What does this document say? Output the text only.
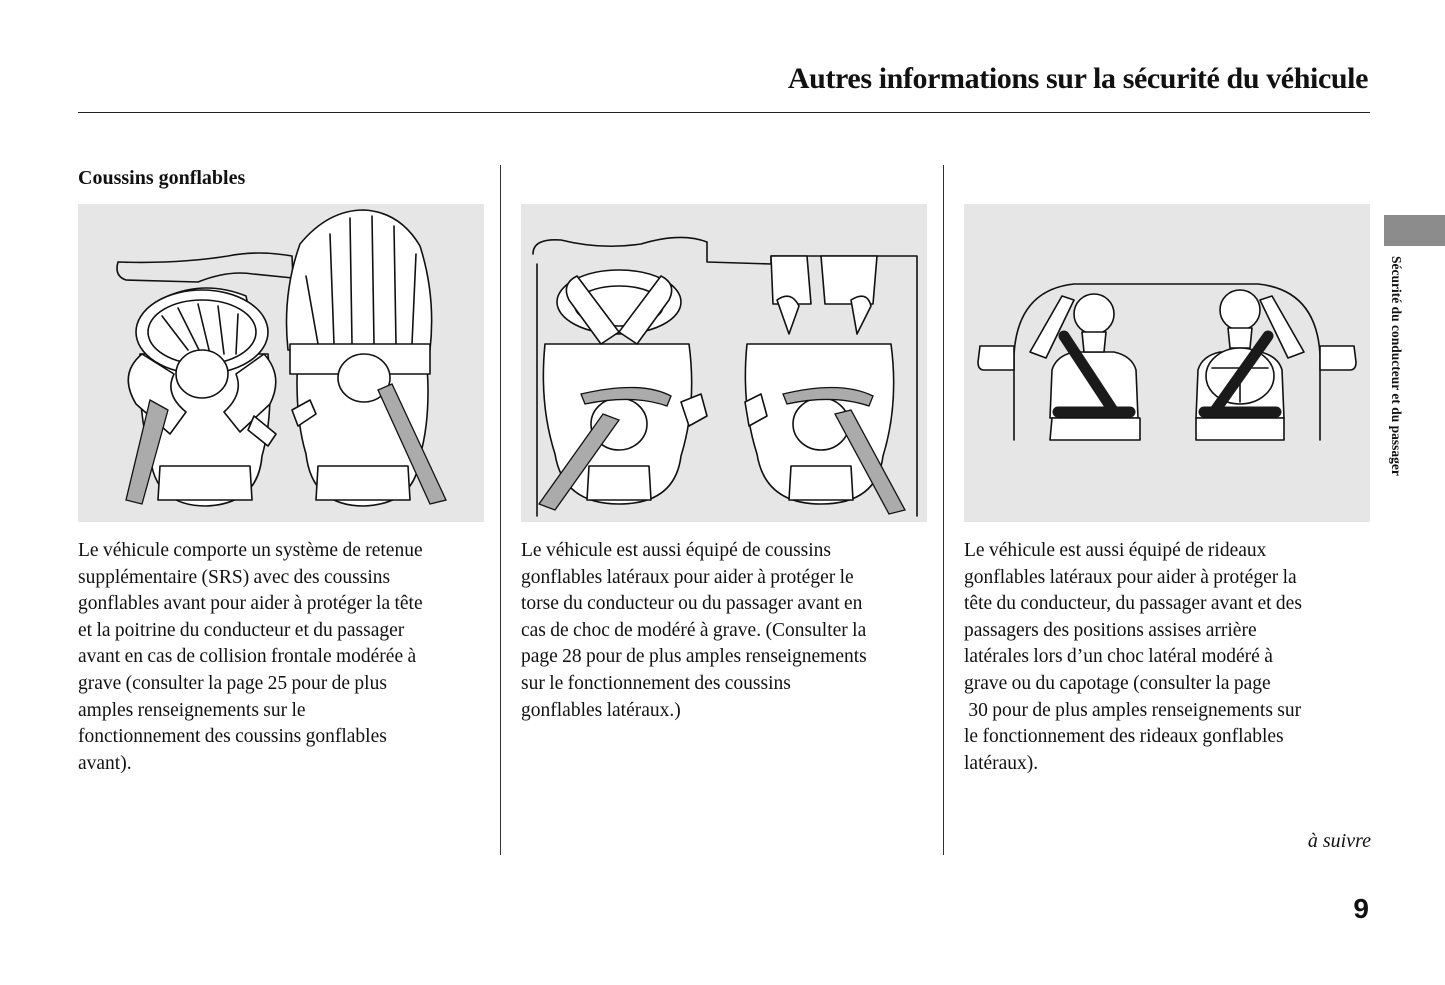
Autres informations sur la sécurité du véhicule
Coussins gonflables
Le véhicule comporte un système de retenue
supplémentaire (SRS) avec des coussins
gonflables avant pour aider à protéger la tête
et la poitrine du conducteur et du passager
avant en cas de collision frontale modérée à
grave (consulter la page 25 pour de plus
amples renseignements sur le
fonctionnement des coussins gonflables
avant).
Le véhicule est aussi équipé de coussins
gonflables latéraux pour aider à protéger le
torse du conducteur ou du passager avant en
cas de choc de modéré à grave. (Consulter la
page 28 pour de plus amples renseignements
sur le fonctionnement des coussins
gonflables latéraux.)
Le véhicule est aussi équipé de rideaux
gonflables latéraux pour aider à protéger la
tête du conducteur, du passager avant et des
passagers des positions assises arrière
latérales lors d’un choc latéral modéré à
grave ou du capotage (consulter la page
30 pour de plus amples renseignements sur
le fonctionnement des rideaux gonflables
latéraux).
à suivre
9
Sécurité du conducteur et du passager
